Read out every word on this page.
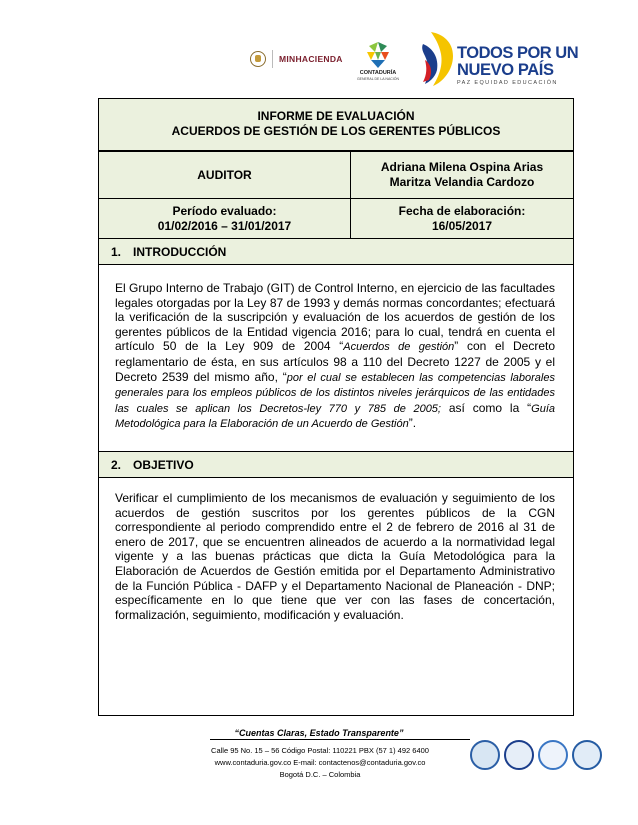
MINHACIENDA
CONTADURÍA
GENERAL DE LA NACIÓN
TODOS POR UN
NUEVO PAÍS
PAZ EQUIDAD EDUCACIÓN
INFORME DE EVALUACIÓN
ACUERDOS DE GESTIÓN DE LOS GERENTES PÚBLICOS
AUDITOR
Adriana Milena Ospina Arias
Maritza Velandia Cardozo
Período evaluado:
01/02/2016 – 31/01/2017
Fecha de elaboración:
16/05/2017
1. INTRODUCCIÓN
El Grupo Interno de Trabajo (GIT) de Control Interno, en ejercicio de las facultades legales otorgadas por la Ley 87 de 1993 y demás normas concordantes; efectuará la verificación de la suscripción y evaluación de los acuerdos de gestión de los gerentes públicos de la Entidad vigencia 2016; para lo cual, tendrá en cuenta el artículo 50 de la Ley 909 de 2004 “Acuerdos de gestión” con el Decreto reglamentario de ésta, en sus artículos 98 a 110 del Decreto 1227 de 2005 y el Decreto 2539 del mismo año, “por el cual se establecen las competencias laborales generales para los empleos públicos de los distintos niveles jerárquicos de las entidades las cuales se aplican los Decretos-ley 770 y 785 de 2005; así como la “Guía Metodológica para la Elaboración de un Acuerdo de Gestión”.
2. OBJETIVO
Verificar el cumplimiento de los mecanismos de evaluación y seguimiento de los acuerdos de gestión suscritos por los gerentes públicos de la CGN correspondiente al periodo comprendido entre el 2 de febrero de 2016 al 31 de enero de 2017, que se encuentren alineados de acuerdo a la normatividad legal vigente y a las buenas prácticas que dicta la Guía Metodológica para la Elaboración de Acuerdos de Gestión emitida por el Departamento Administrativo de la Función Pública - DAFP y el Departamento Nacional de Planeación - DNP; específicamente en lo que tiene que ver con las fases de concertación, formalización, seguimiento, modificación y evaluación.
“Cuentas Claras, Estado Transparente”
Calle 95 No. 15 – 56 Código Postal: 110221 PBX (57 1) 492 6400
www.contaduria.gov.co E-mail: contactenos@contaduria.gov.co
Bogotá D.C. – Colombia
